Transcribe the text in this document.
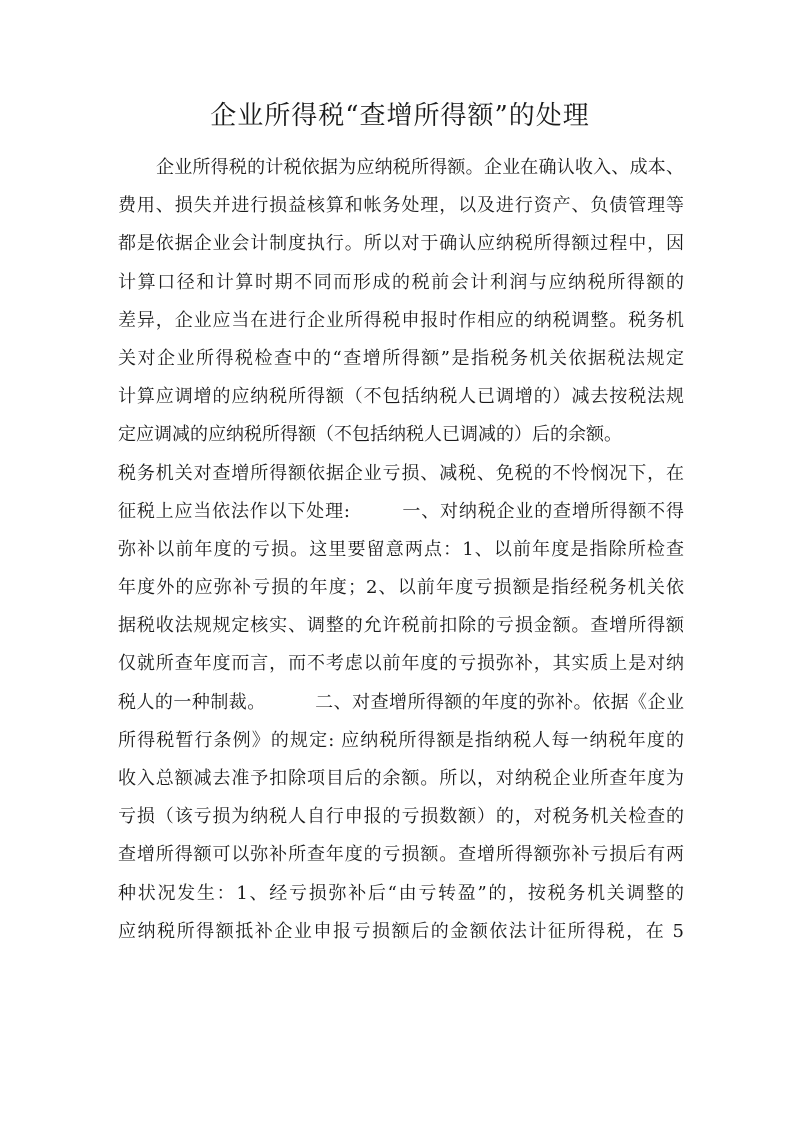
企业所得税“查增所得额”的处理
企业所得税的计税依据为应纳税所得额。企业在确认收入、成本、
费用、损失并进行损益核算和帐务处理，以及进行资产、负债管理等
都是依据企业会计制度执行。所以对于确认应纳税所得额过程中，因
计算口径和计算时期不同而形成的税前会计利润与应纳税所得额的
差异，企业应当在进行企业所得税申报时作相应的纳税调整。税务机
关对企业所得税检查中的“查增所得额”是指税务机关依据税法规定
计算应调增的应纳税所得额（不包括纳税人已调增的）减去按税法规
定应调减的应纳税所得额（不包括纳税人已调减的）后的余额。
税务机关对查增所得额依据企业亏损、减税、免税的不怜悯况下，在
征税上应当依法作以下处理:        一、对纳税企业的查增所得额不得
弥补以前年度的亏损。这里要留意两点：1、以前年度是指除所检查
年度外的应弥补亏损的年度；2、以前年度亏损额是指经税务机关依
据税收法规规定核实、调整的允许税前扣除的亏损金额。查增所得额
仅就所查年度而言，而不考虑以前年度的亏损弥补，其实质上是对纳
税人的一种制裁。        二、对查增所得额的年度的弥补。依据《企业
所得税暂行条例》的规定: 应纳税所得额是指纳税人每一纳税年度的
收入总额减去准予扣除项目后的余额。所以，对纳税企业所查年度为
亏损（该亏损为纳税人自行申报的亏损数额）的，对税务机关检查的
查增所得额可以弥补所查年度的亏损额。查增所得额弥补亏损后有两
种状况发生：1、经亏损弥补后“由亏转盈”的，按税务机关调整的
应纳税所得额抵补企业申报亏损额后的金额依法计征所得税，在 5
